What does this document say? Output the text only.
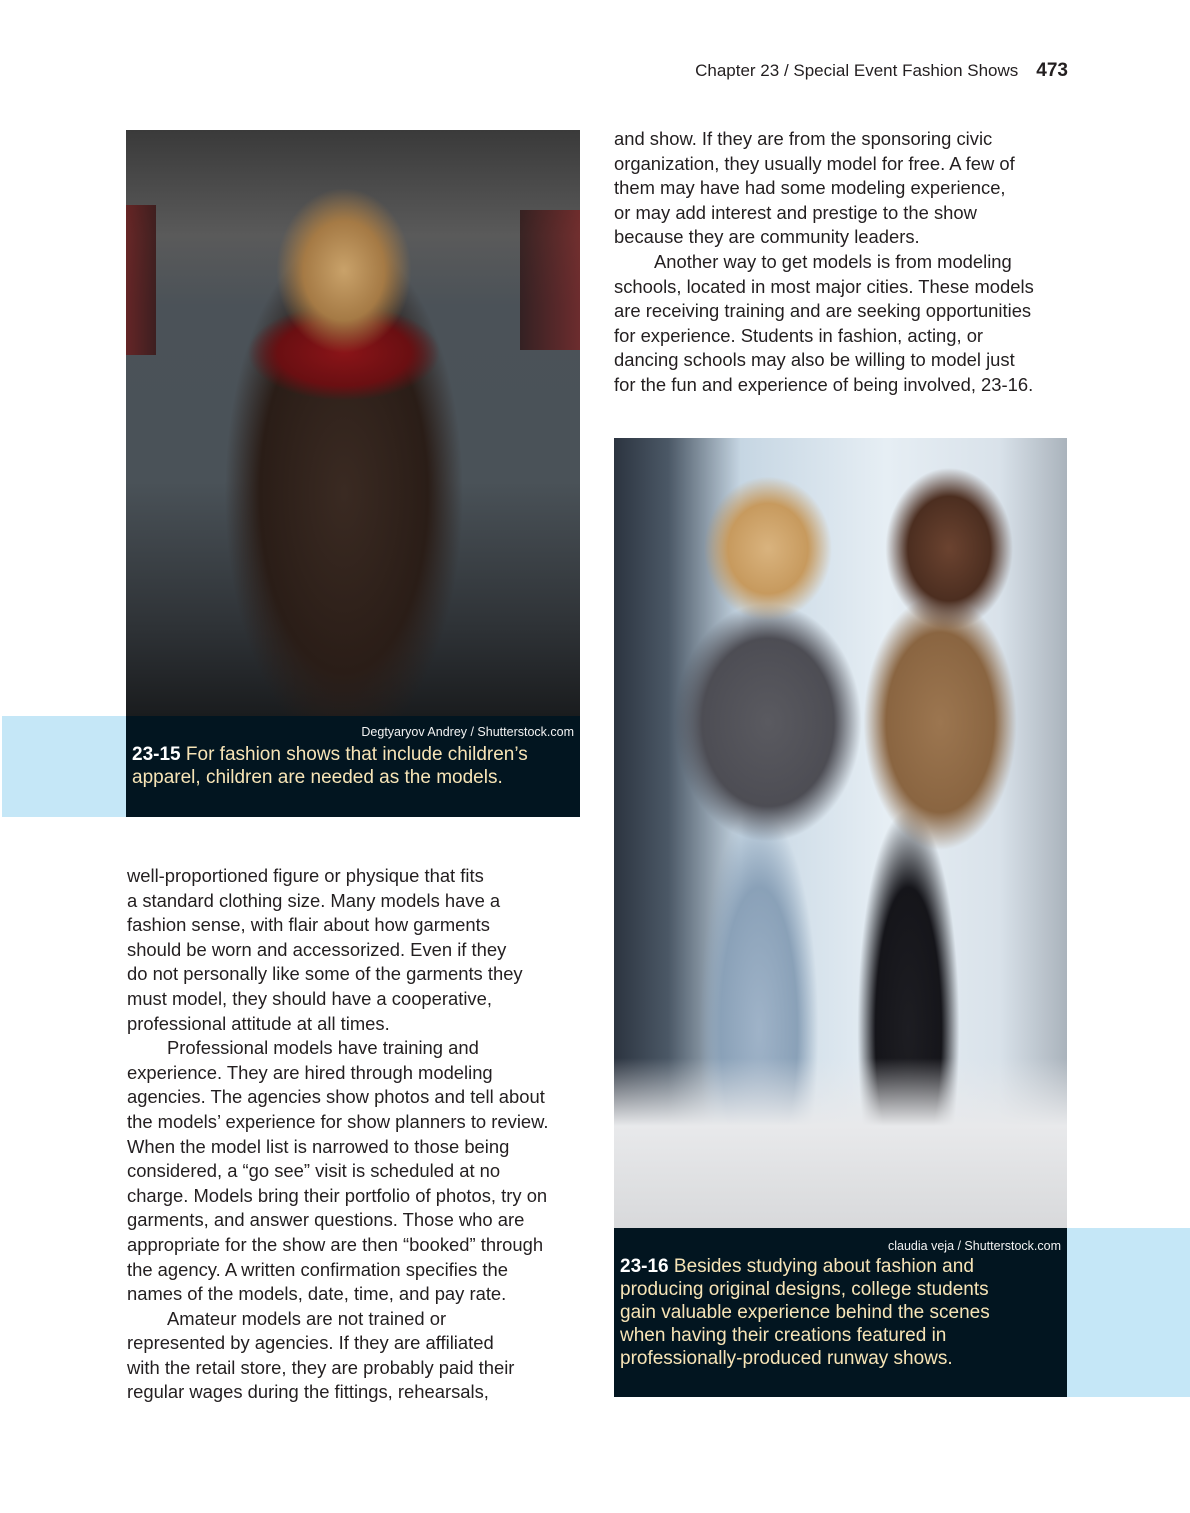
Chapter 23 / Special Event Fashion Shows 473
Degtyaryov Andrey / Shutterstock.com
23-15 For fashion shows that include children’s
apparel, children are needed as the models.

well-proportioned figure or physique that fits
a standard clothing size. Many models have a
fashion sense, with flair about how garments
should be worn and accessorized. Even if they
do not personally like some of the garments they
must model, they should have a cooperative,
professional attitude at all times.

Professional models have training and
experience. They are hired through modeling
agencies. The agencies show photos and tell about
the models’ experience for show planners to review.
When the model list is narrowed to those being
considered, a “go see” visit is scheduled at no
charge. Models bring their portfolio of photos, try on
garments, and answer questions. Those who are
appropriate for the show are then “booked” through
the agency. A written confirmation specifies the
names of the models, date, time, and pay rate.

Amateur models are not trained or
represented by agencies. If they are affiliated
with the retail store, they are probably paid their
regular wages during the fittings, rehearsals,

and show. If they are from the sponsoring civic
organization, they usually model for free. A few of
them may have had some modeling experience,
or may add interest and prestige to the show
because they are community leaders.

Another way to get models is from modeling
schools, located in most major cities. These models
are receiving training and are seeking opportunities
for experience. Students in fashion, acting, or
dancing schools may also be willing to model just
for the fun and experience of being involved, 23-16.

claudia veja / Shutterstock.com
23-16 Besides studying about fashion and
producing original designs, college students
gain valuable experience behind the scenes
when having their creations featured in
professionally-produced runway shows.
